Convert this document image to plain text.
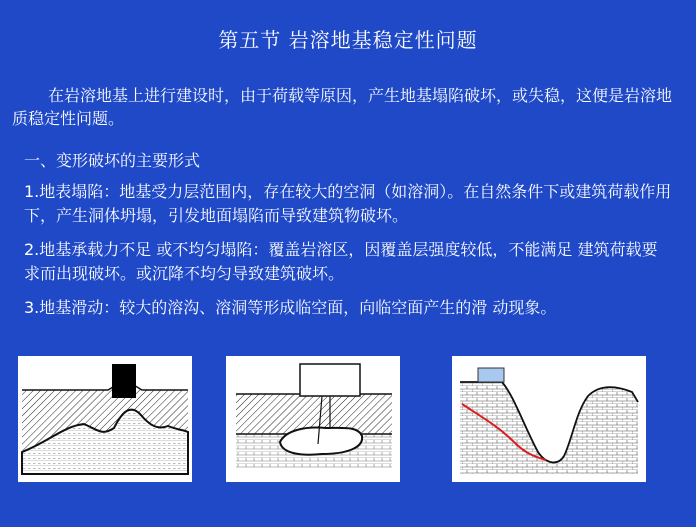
第五节 岩溶地基稳定性问题
在岩溶地基上进行建设时，由于荷载等原因，产生地基塌陷破坏，或失稳，这便是岩溶地质稳定性问题。
一、变形破坏的主要形式
1.地表塌陷：地基受力层范围内，存在较大的空洞（如溶洞）。在自然条件下或建筑荷载作用下，产生洞体坍塌，引发地面塌陷而导致建筑物破坏。
2.地基承载力不足 或不均匀塌陷：覆盖岩溶区，因覆盖层强度较低，不能满足 建筑荷载要求而出现破坏。或沉降不均匀导致建筑破坏。
3.地基滑动：较大的溶沟、溶洞等形成临空面，向临空面产生的滑 动现象。
